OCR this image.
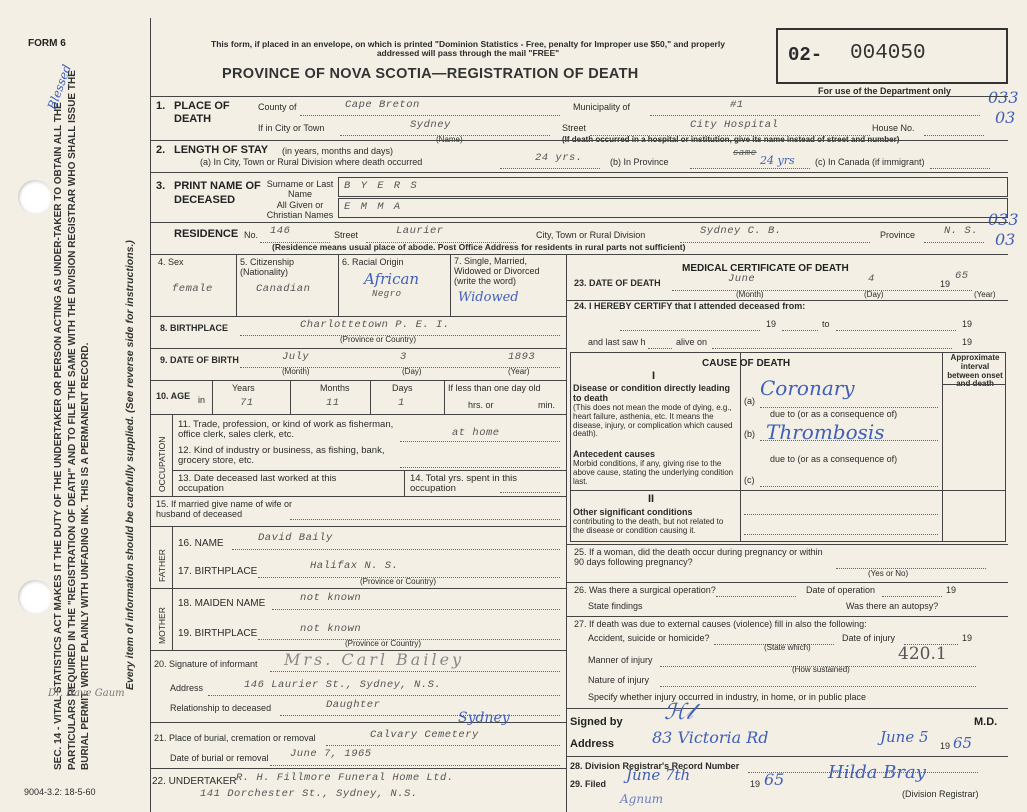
FORM 6	This form, if placed in an envelope, on which is printed "Dominion Statistics - Free, penalty for Improper use $50," and properly addressed will pass through the mail "FREE"
PROVINCE OF NOVA SCOTIA—REGISTRATION OF DEATH
02- 004050
For use of the Department only 033
03
033
03
SEC. 14 - VITAL STATISTICS ACT MAKES IT THE DUTY OF THE UNDERTAKER OR PERSON ACTING AS UNDER-TAKER TO OBTAIN ALL THE PARTICULARS REQUIRED IN THE "REGISTRATION OF DEATH" AND TO FILE THE SAME WITH THE DIVISION REGISTRAR WHO SHALL ISSUE THE BURIAL PERMIT. WRITE PLAINLY WITH UNFADING INK. THIS IS A PERMANENT RECORD.	Every item of information should be carefully supplied. (See reverse side for instructions.)
Blessed
Dr. Dave Gaum
9004-3.2: 18-5-60
1. PLACE OF DEATH
County of	Cape Breton	Municipality of	#1
If in City or Town	Sydney
(Name)
Street	City Hospital	House No.
(If death occurred in a hospital or institution, give its name instead of street and number)
2. LENGTH OF STAY (in years, months and days)
(a) In City, Town or Rural Division where death occurred	24 yrs.	(b) In Province
same
24 yrs (c) In Canada (if immigrant)
3. PRINT NAME OF DECEASED
Surname or Last Name
B Y E R S
All Given or Christian Names
E M M A
RESIDENCE No. 146	Street	Laurier	City, Town or Rural Division	Sydney C. B.	Province	N. S.
(Residence means usual place of abode. Post Office Address for residents in rural parts not sufficient)
4. Sex
female
5. Citizenship (Nationality)
Canadian
6. Racial Origin
Negro
African
7. Single, Married, Widowed or Divorced (write the word)
Widowed
8. BIRTHPLACE	Charlottetown P. E. I.
(Province or Country)
9. DATE OF BIRTH	July	3	1893
(Month)	(Day)	(Year)
10. AGE in
Years
71
Months
11
Days
1
If less than one day old
hrs. or	min.
OCCUPATION
11. Trade, profession, or kind of work as fisherman, office clerk, sales clerk, etc.	at home
12. Kind of industry or business, as fishing, bank, grocery store, etc.
13. Date deceased last worked at this occupation
14. Total yrs. spent in this occupation
15. If married give name of wife or husband of deceased
FATHER
16. NAME	David Baily
17. BIRTHPLACE	Halifax N. S.
(Province or Country)
MOTHER
18. MAIDEN NAME	not known
19. BIRTHPLACE	not known
(Province or Country)
20. Signature of informant Mrs. Carl Bailey
Address	146 Laurier St., Sydney, N.S.
Relationship to deceased	Daughter
21. Place of burial, cremation or removal	Calvary Cemetery
Sydney
Date of burial or removal June 7, 1965
22. UNDERTAKER R. H. Fillmore Funeral Home Ltd.
141 Dorchester St., Sydney, N.S.
MEDICAL CERTIFICATE OF DEATH
23. DATE OF DEATH	June	4	19
65
(Month)	(Day)	(Year)
24. I HEREBY CERTIFY that I attended deceased from:
19	to	19
and last saw h	alive on	19
CAUSE OF DEATH
Approximate interval between onset and death
I
Disease or condition directly leading to death
(This does not mean the mode of dying, e.g., heart failure, asthenia, etc. It means the disease, injury, or complication which caused death).
(a)
Coronary
due to (or as a consequence of)
(b) Thrombosis
Antecedent causes
Morbid conditions, if any, giving rise to the above cause, stating the underlying condition last.
due to (or as a consequence of)
(c)
II
Other significant conditions
contributing to the death, but not related to the disease or condition causing it.
25. If a woman, did the death occur during pregnancy or within 90 days following pregnancy?
(Yes or No)
26. Was there a surgical operation?	Date of operation	19
State findings	Was there an autopsy?
27. If death was due to external causes (violence) fill in also the following:
Accident, suicide or homicide?	Date of injury	19
(State which)
Manner of injury
(How sustained)
420.1
Nature of injury
Specify whether injury occurred in industry, in home, or in public place
Signed by ℋ𝓁	M.D.
Address 83 Victoria Rd	June 5 19 65
28. Division Registrar's Record Number
29. Filed June 7th	19 65 Hilda Bray
(Division Registrar)
Agnum
